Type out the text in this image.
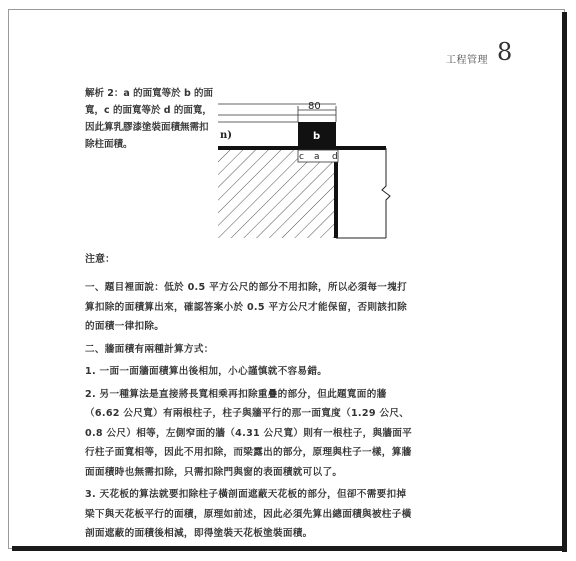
工程管理 8
解析 2：a 的面寬等於 b 的面寬，c 的面寬等於 d 的面寬，因此算乳膠漆塗裝面積無需扣除柱面積。
b
80
n)
c a d
注意：

一、題目裡面說：低於 0.5 平方公尺的部分不用扣除，所以必須每一塊打算扣除的面積算出來，確認答案小於 0.5 平方公尺才能保留，否則該扣除的面積一律扣除。

二、牆面積有兩種計算方式：

1. 一面一面牆面積算出後相加，小心謹慎就不容易錯。

2. 另一種算法是直接將長寬相乘再扣除重疊的部分，但此題寬面的牆（6.62 公尺寬）有兩根柱子，柱子與牆平行的那一面寬度（1.29 公尺、0.8 公尺）相等，左側窄面的牆（4.31 公尺寬）則有一根柱子，與牆面平行柱子面寬相等，因此不用扣除，而梁露出的部分，原理與柱子一樣，算牆面面積時也無需扣除，只需扣除門與窗的表面積就可以了。

3. 天花板的算法就要扣除柱子橫剖面遮蔽天花板的部分，但卻不需要扣掉梁下與天花板平行的面積，原理如前述，因此必須先算出總面積與被柱子橫剖面遮蔽的面積後相減，即得塗裝天花板塗裝面積。
